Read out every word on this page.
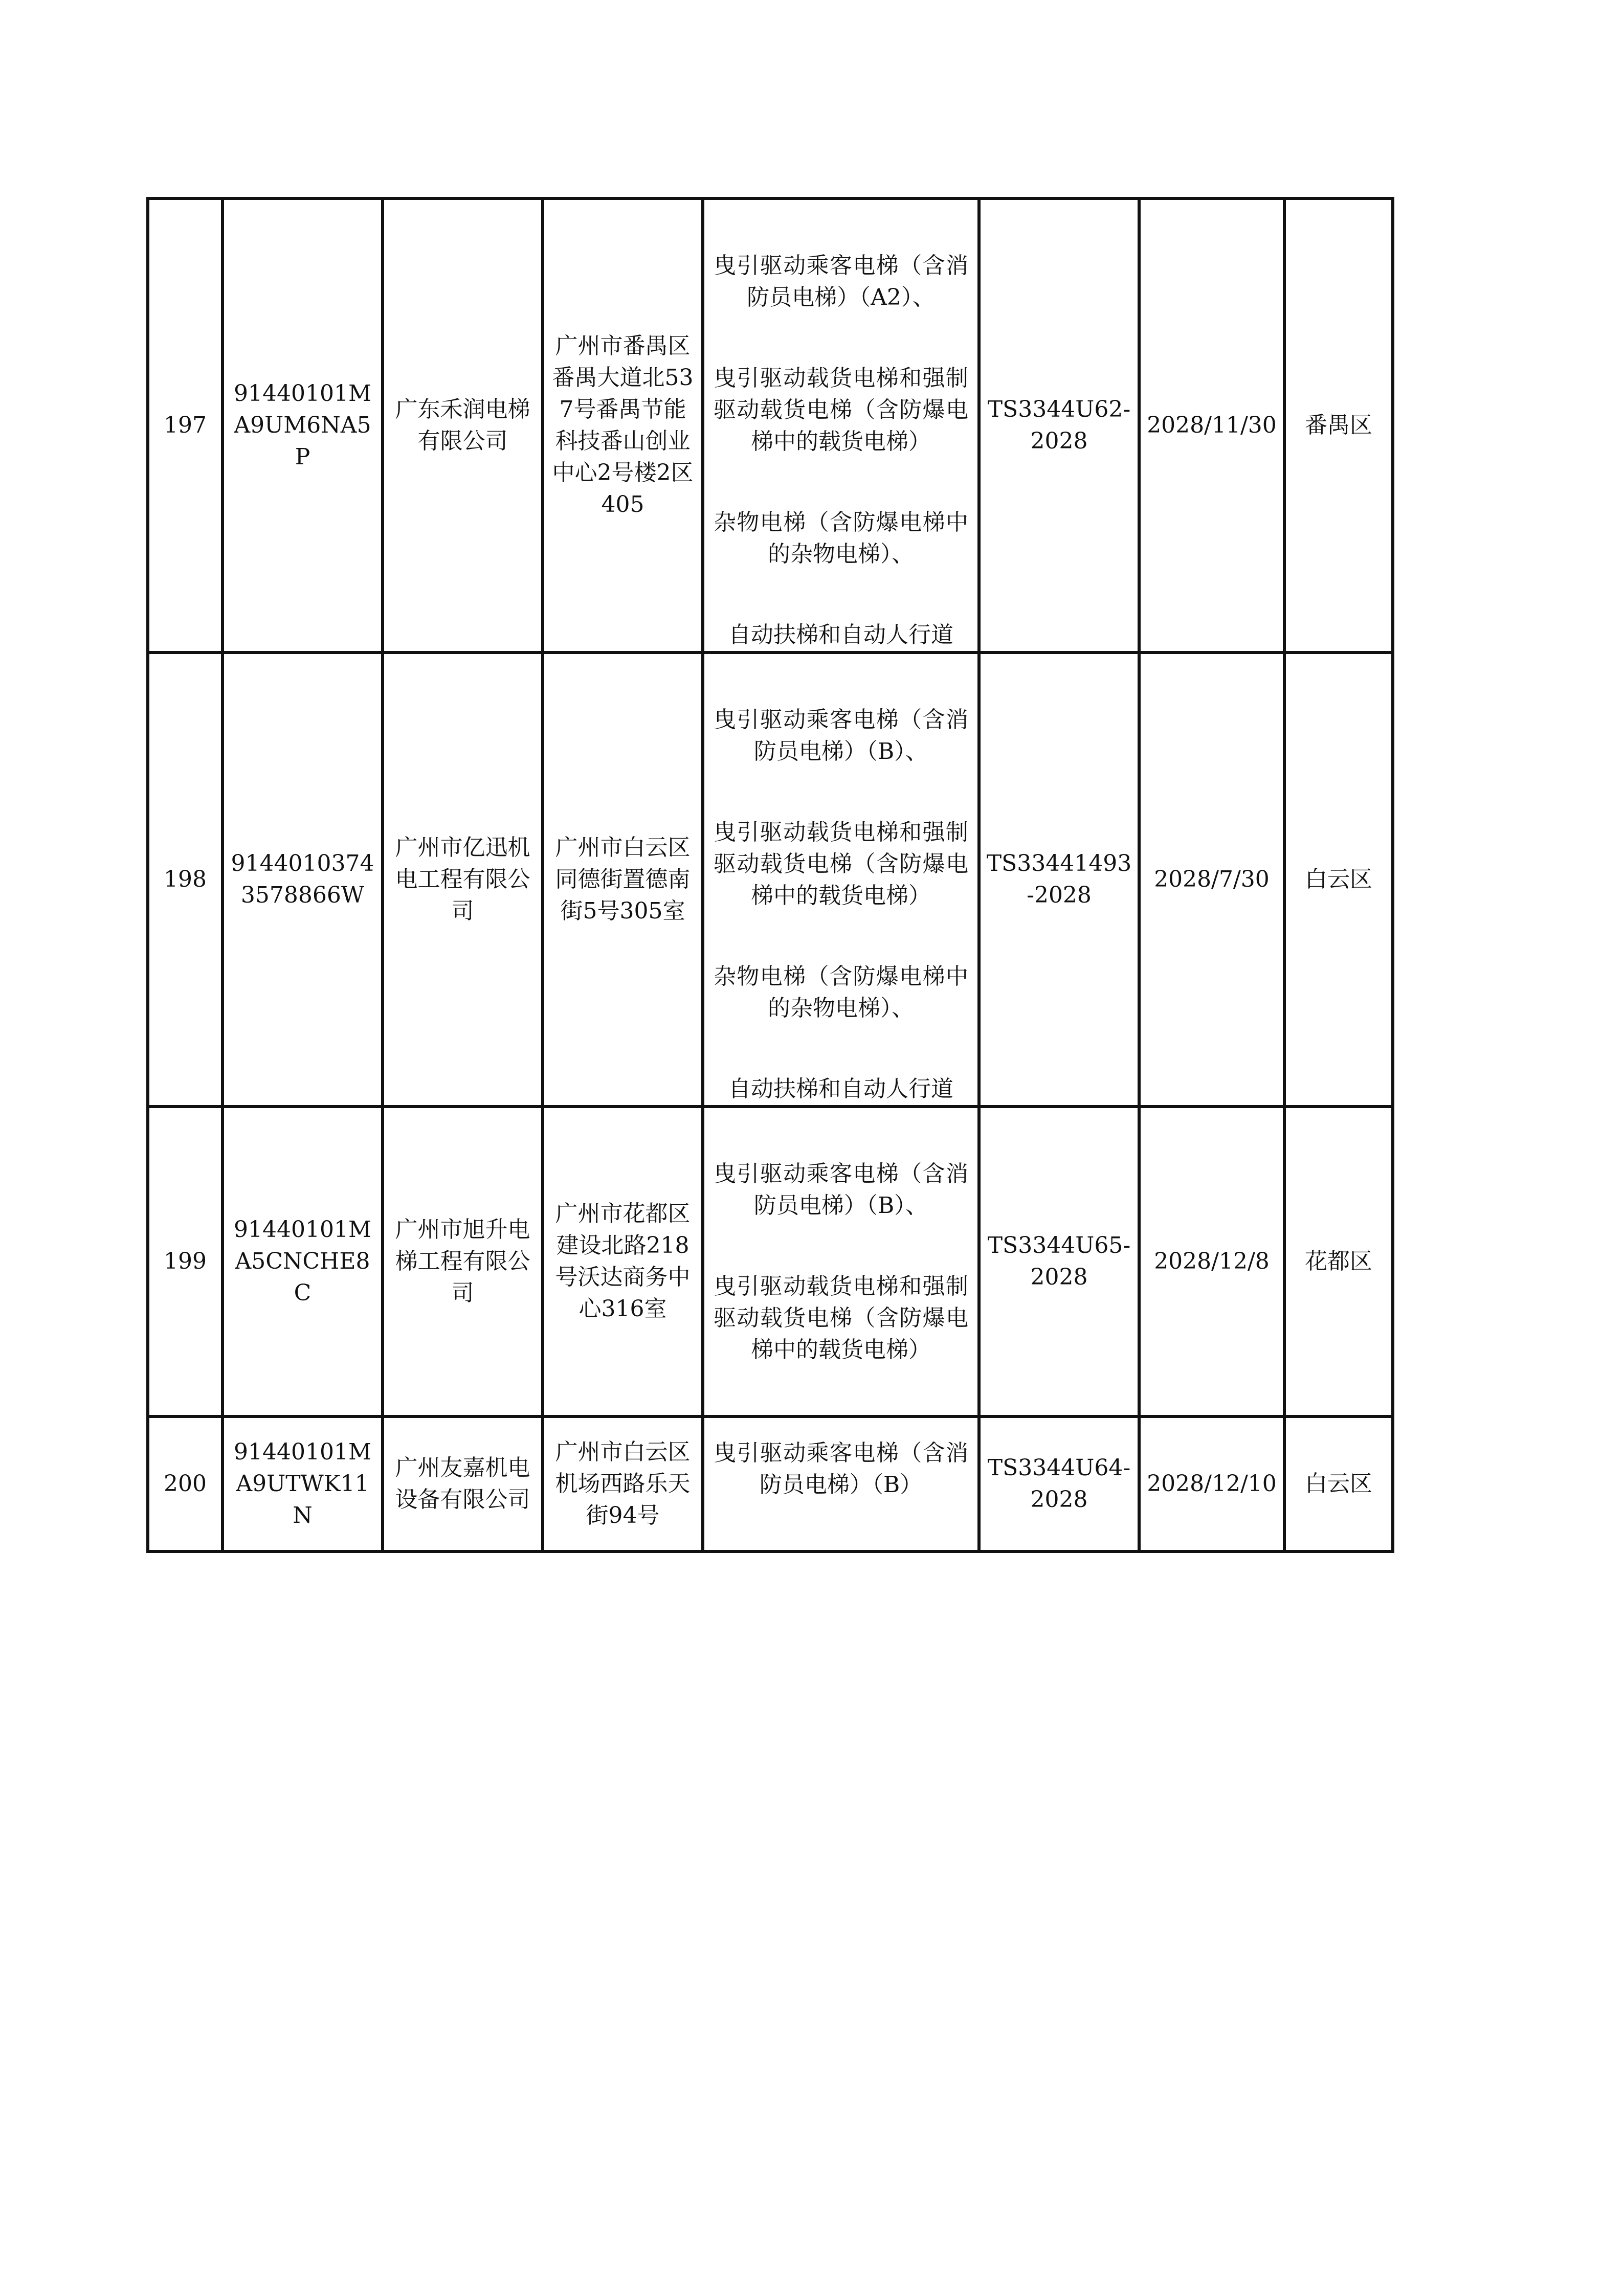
197	91440101MA9UM6NA5P	广东禾润电梯有限公司	广州市番禺区番禺大道北537号番禺节能科技番山创业中心2号楼2区405	曳引驱动乘客电梯（含消防员电梯）（A2）、
曳引驱动载货电梯和强制驱动载货电梯（含防爆电梯中的载货电梯）
杂物电梯（含防爆电梯中的杂物电梯）、
自动扶梯和自动人行道	TS3344U62-2028	2028/11/30	番禺区
198	91440103743578866W	广州市亿迅机电工程有限公司	广州市白云区同德街置德南街5号305室	曳引驱动乘客电梯（含消防员电梯）（B）、
曳引驱动载货电梯和强制驱动载货电梯（含防爆电梯中的载货电梯）
杂物电梯（含防爆电梯中的杂物电梯）、
自动扶梯和自动人行道	TS33441493-2028	2028/7/30	白云区
199	91440101MA5CNCHE8C	广州市旭升电梯工程有限公司	广州市花都区建设北路218号沃达商务中心316室	曳引驱动乘客电梯（含消防员电梯）（B）、
曳引驱动载货电梯和强制驱动载货电梯（含防爆电梯中的载货电梯）	TS3344U65-2028	2028/12/8	花都区
200	91440101MA9UTWK11N	广州友嘉机电设备有限公司	广州市白云区机场西路乐天街94号	曳引驱动乘客电梯（含消防员电梯）（B）	TS3344U64-2028	2028/12/10	白云区
